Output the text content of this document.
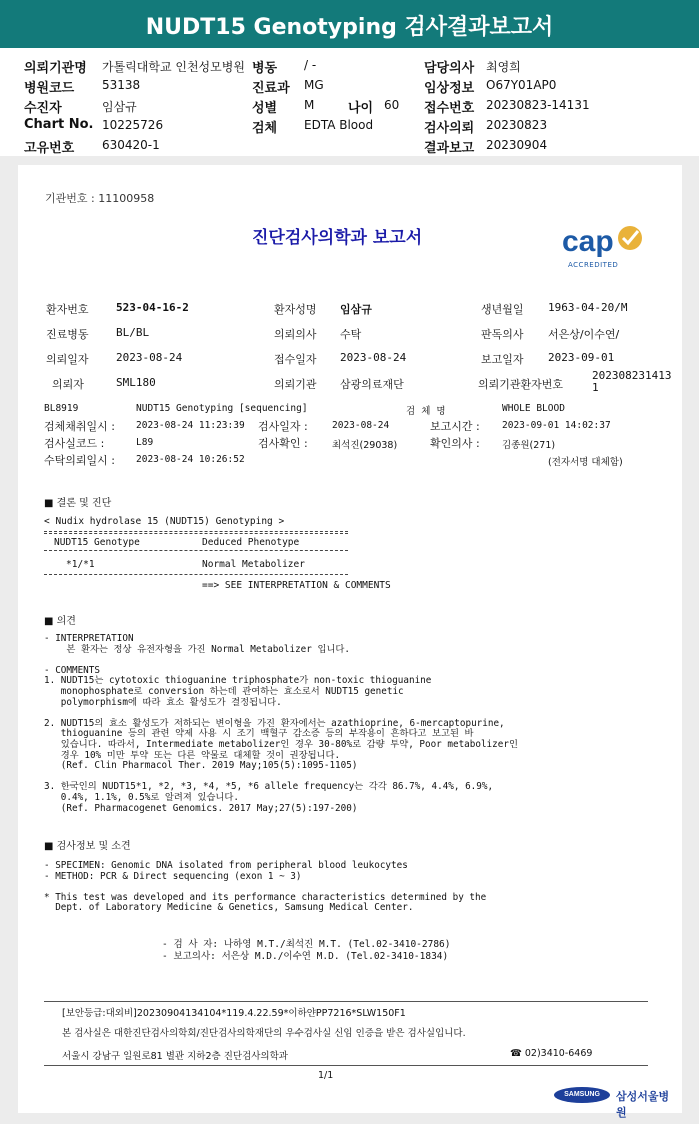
NUDT15 Genotyping 검사결과보고서
의뢰기관명 가톨릭대학교 인천성모병원 병동 / -	담당의사 최영희
병원코드 53138	진료과 MG	임상정보 O67Y01AP0
수진자	임삼규	성별 M	나이 60 접수번호 20230823-14131
Chart No. 10225726	검체 EDTA Blood	검사의뢰 20230823
고유번호 630420-1	결과보고 20230904
기관번호 : 11100958
진단검사의학과 보고서	cap
ACCREDITED
환자번호 523-04-16-2	환자성명 임삼규	생년월일 1963-04-20/M
진료병동 BL/BL	의뢰의사 수탁	판독의사 서은상/이수연/
의뢰일자 2023-08-24	접수일자 2023-08-24	보고일자 2023-09-01
의뢰자	SML180	의뢰기관 삼광의료재단	의뢰기관환자번호
202308231413
1
BL8919	NUDT15 Genotyping [sequencing]	검  체  명	WHOLE BLOOD
검체채취일시 : 2023-08-24 11:23:39 검사일자 :	2023-08-24	보고시간 : 2023-09-01 14:02:37
검사실코드 :	L89	검사확인 :	최석진(29038)	확인의사 : 김종원(271)
수탁의뢰일시 : 2023-08-24 10:26:52	(전자서명 대체함)
■ 결론 및 진단
< Nudix hydrolase 15 (NUDT15) Genotyping >
NUDT15 Genotype	Deduced Phenotype
*1/*1	Normal Metabolizer
==> SEE INTERPRETATION & COMMENTS
■ 의견
- INTERPRETATION
본 환자는 정상 유전자형을 가진 Normal Metabolizer 입니다.

- COMMENTS
1. NUDT15는 cytotoxic thioguanine triphosphate가 non-toxic thioguanine
monophosphate로 conversion 하는데 관여하는 효소로서 NUDT15 genetic
polymorphism에 따라 효소 활성도가 결정됩니다.

2. NUDT15의 효소 활성도가 저하되는 변이형을 가진 환자에서는 azathioprine, 6-mercaptopurine,
thioguanine 등의 관련 약제 사용 시 조기 백혈구 감소증 등의 부작용이 흔하다고 보고된 바
있습니다. 따라서, Intermediate metabolizer인 경우 30-80%로 감량 투약, Poor metabolizer인
경우 10% 미만 투약 또는 다른 약물로 대체할 것이 권장됩니다.
(Ref. Clin Pharmacol Ther. 2019 May;105(5):1095-1105)

3. 한국인의 NUDT15*1, *2, *3, *4, *5, *6 allele frequency는 각각 86.7%, 4.4%, 6.9%,
0.4%, 1.1%, 0.5%로 알려져 있습니다.
(Ref. Pharmacogenet Genomics. 2017 May;27(5):197-200)
■ 검사정보 및 소견
- SPECIMEN: Genomic DNA isolated from peripheral blood leukocytes
- METHOD: PCR & Direct sequencing (exon 1 ~ 3)

* This test was developed and its performance characteristics determined by the
Dept. of Laboratory Medicine & Genetics, Samsung Medical Center.
- 검 사 자: 나하영 M.T./최석진 M.T. (Tel.02-3410-2786)
- 보고의사: 서은상 M.D./이수연 M.D. (Tel.02-3410-1834)
[보안등급:대외비]20230904134104*119.4.22.59*이하얀PP7216*SLW150F1
본 검사실은 대한진단검사의학회/진단검사의학재단의 우수검사실 신임 인증을 받은 검사실입니다.
서울시 강남구 일원로81 별관 지하2층 진단검사의학과	☎ 02)3410-6469
1/1
SAMSUNG	삼성서울병원
